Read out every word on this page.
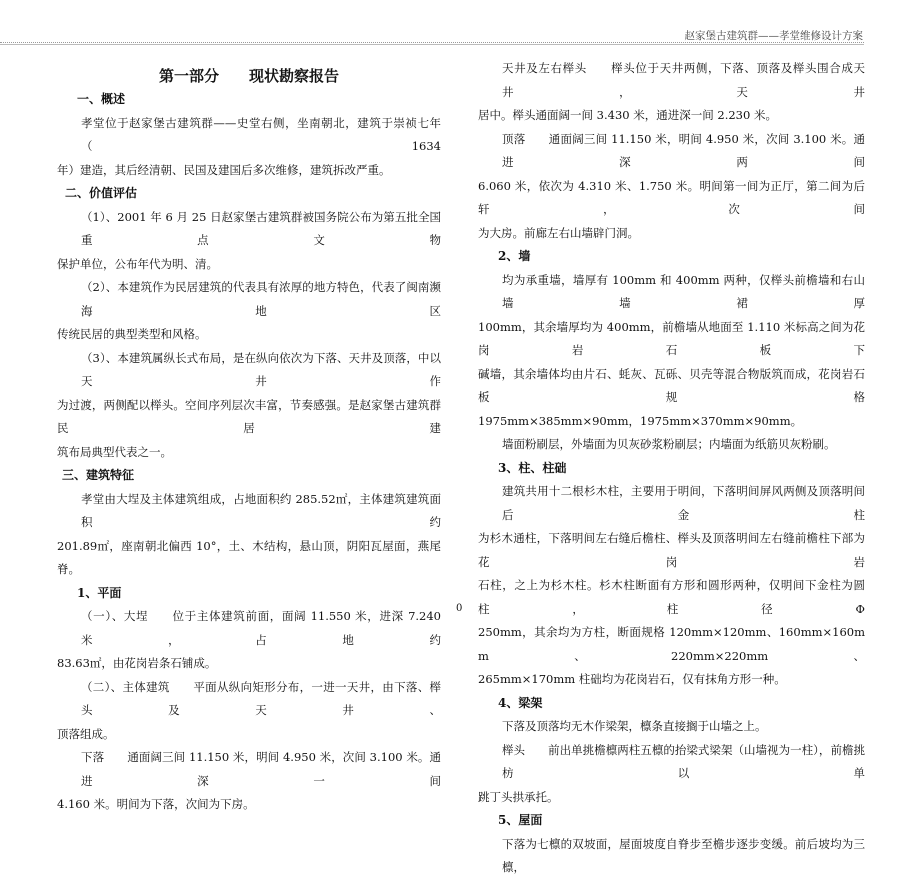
赵家堡古建筑群——孝堂维修设计方案
第一部分　　现状勘察报告
一、概述
孝堂位于赵家堡古建筑群——史堂右侧，坐南朝北，建筑于崇祯七年（1634
年）建造，其后经清朝、民国及建国后多次维修，建筑拆改严重。
二、价值评估
（1）、2001 年 6 月 25 日赵家堡古建筑群被国务院公布为第五批全国重点文物
保护单位，公布年代为明、清。
（2）、本建筑作为民居建筑的代表具有浓厚的地方特色，代表了闽南濒海地区
传统民居的典型类型和风格。
（3）、本建筑属纵长式布局，是在纵向依次为下落、天井及顶落，中以天井作
为过渡，两侧配以榉头。空间序列层次丰富，节奏感强。是赵家堡古建筑群民居建
筑布局典型代表之一。
三、建筑特征
孝堂由大埕及主体建筑组成，占地面积约 285.52㎡，主体建筑建筑面积约
201.89㎡，座南朝北偏西 10°，土、木结构，悬山顶，阴阳瓦屋面，燕尾脊。
1、平面
（一）、大埕　　位于主体建筑前面，面阔 11.550 米，进深 7.240 米，占地约
83.63㎡，由花岗岩条石铺成。
（二）、主体建筑　　平面从纵向矩形分布，一进一天井，由下落、榉头及天井、
顶落组成。
下落　　通面阔三间 11.150 米，明间 4.950 米，次间 3.100 米。通进深一间
4.160 米。明间为下落，次间为下房。
天井及左右榉头　　榉头位于天井两侧，下落、顶落及榉头围合成天井，天井
居中。榉头通面阔一间 3.430 米，通进深一间 2.230 米。
顶落　　通面阔三间 11.150 米，明间 4.950 米，次间 3.100 米。通进深两间
6.060 米，依次为 4.310 米、1.750 米。明间第一间为正厅，第二间为后轩，次间
为大房。前廊左右山墙辟门洞。
2、墙
均为承重墙，墙厚有 100mm 和 400mm 两种，仅榉头前檐墙和右山墙墙裙厚
100mm，其余墙厚均为 400mm，前檐墙从地面至 1.110 米标高之间为花岗岩石板下
碱墙，其余墙体均由片石、蚝灰、瓦砾、贝壳等混合物版筑而成，花岗岩石板规格
1975mm×385mm×90mm，1975mm×370mm×90mm。
墙面粉刷层，外墙面为贝灰砂浆粉刷层；内墙面为纸筋贝灰粉刷。
3、柱、柱础
建筑共用十二根杉木柱，主要用于明间，下落明间屏风两侧及顶落明间后金柱
为杉木通柱，下落明间左右缝后檐柱、榉头及顶落明间左右缝前檐柱下部为花岗岩
石柱，之上为杉木柱。杉木柱断面有方形和圆形两种，仅明间下金柱为圆柱，柱径Φ
250mm，其余均为方柱，断面规格 120mm×120mm、160mm×160mm、220mm×220mm、
265mm×170mm 柱础均为花岗岩石，仅有抹角方形一种。
4、梁架
下落及顶落均无木作梁架，檩条直接搁于山墙之上。
榉头　　前出单挑檐檩两柱五檩的抬梁式梁架（山墙视为一柱），前檐挑枋以单
跳丁头拱承托。
5、屋面
下落为七檩的双坡面，屋面坡度自脊步至檐步逐步变缓。前后坡均为三檩，
0
